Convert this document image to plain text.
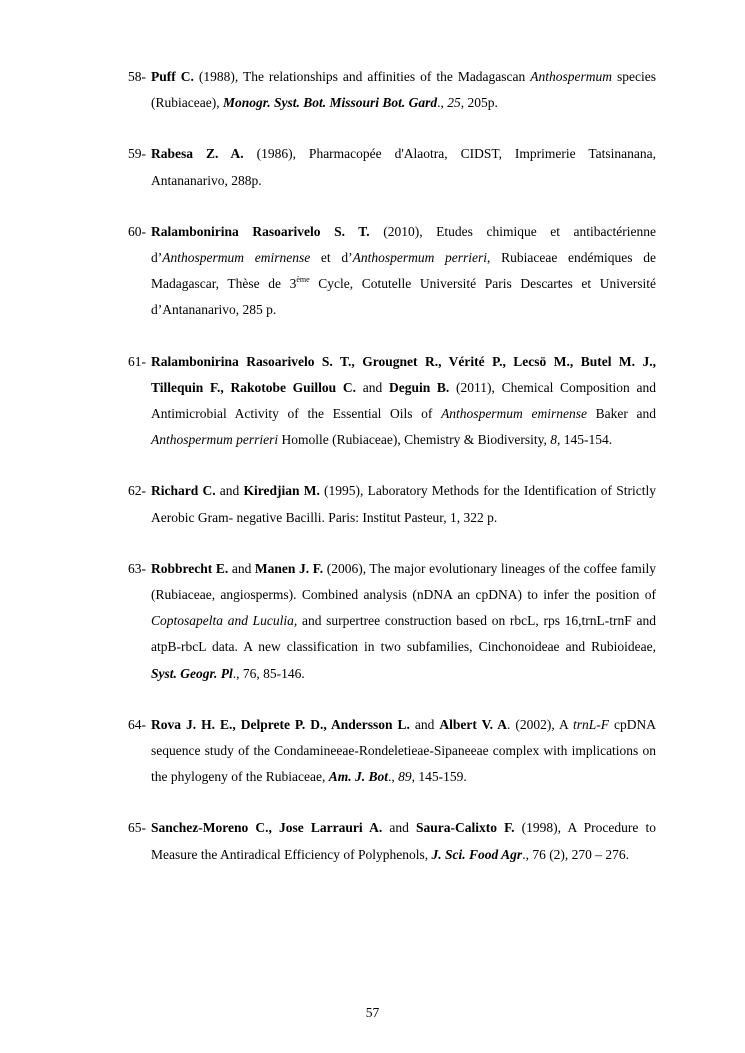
58- Puff C. (1988), The relationships and affinities of the Madagascan Anthospermum species (Rubiaceae), Monogr. Syst. Bot. Missouri Bot. Gard., 25, 205p.
59- Rabesa Z. A. (1986), Pharmacopée d'Alaotra, CIDST, Imprimerie Tatsinanana, Antananarivo, 288p.
60- Ralambonirina Rasoarivelo S. T. (2010), Etudes chimique et antibactérienne d’Anthospermum emirnense et d’Anthospermum perrieri, Rubiaceae endémiques de Madagascar, Thèse de 3ème Cycle, Cotutelle Université Paris Descartes et Université d’Antananarivo, 285 p.
61- Ralambonirina Rasoarivelo S. T., Grougnet R., Vérité P., Lecsö M., Butel M. J., Tillequin F., Rakotobe Guillou C. and Deguin B. (2011), Chemical Composition and Antimicrobial Activity of the Essential Oils of Anthospermum emirnense Baker and Anthospermum perrieri Homolle (Rubiaceae), Chemistry & Biodiversity, 8, 145-154.
62- Richard C. and Kiredjian M. (1995), Laboratory Methods for the Identification of Strictly Aerobic Gram- negative Bacilli. Paris: Institut Pasteur, 1, 322 p.
63- Robbrecht E. and Manen J. F. (2006), The major evolutionary lineages of the coffee family (Rubiaceae, angiosperms). Combined analysis (nDNA an cpDNA) to infer the position of Coptosapelta and Luculia, and surpertree construction based on rbcL, rps 16,trnL-trnF and atpB-rbcL data. A new classification in two subfamilies, Cinchonoideae and Rubioideae, Syst. Geogr. Pl., 76, 85-146.
64- Rova J. H. E., Delprete P. D., Andersson L. and Albert V. A. (2002), A trnL-F cpDNA sequence study of the Condamineeae-Rondeletieae-Sipaneeae complex with implications on the phylogeny of the Rubiaceae, Am. J. Bot., 89, 145-159.
65- Sanchez-Moreno C., Jose Larrauri A. and Saura-Calixto F. (1998), A Procedure to Measure the Antiradical Efficiency of Polyphenols, J. Sci. Food Agr., 76 (2), 270 – 276.
57
